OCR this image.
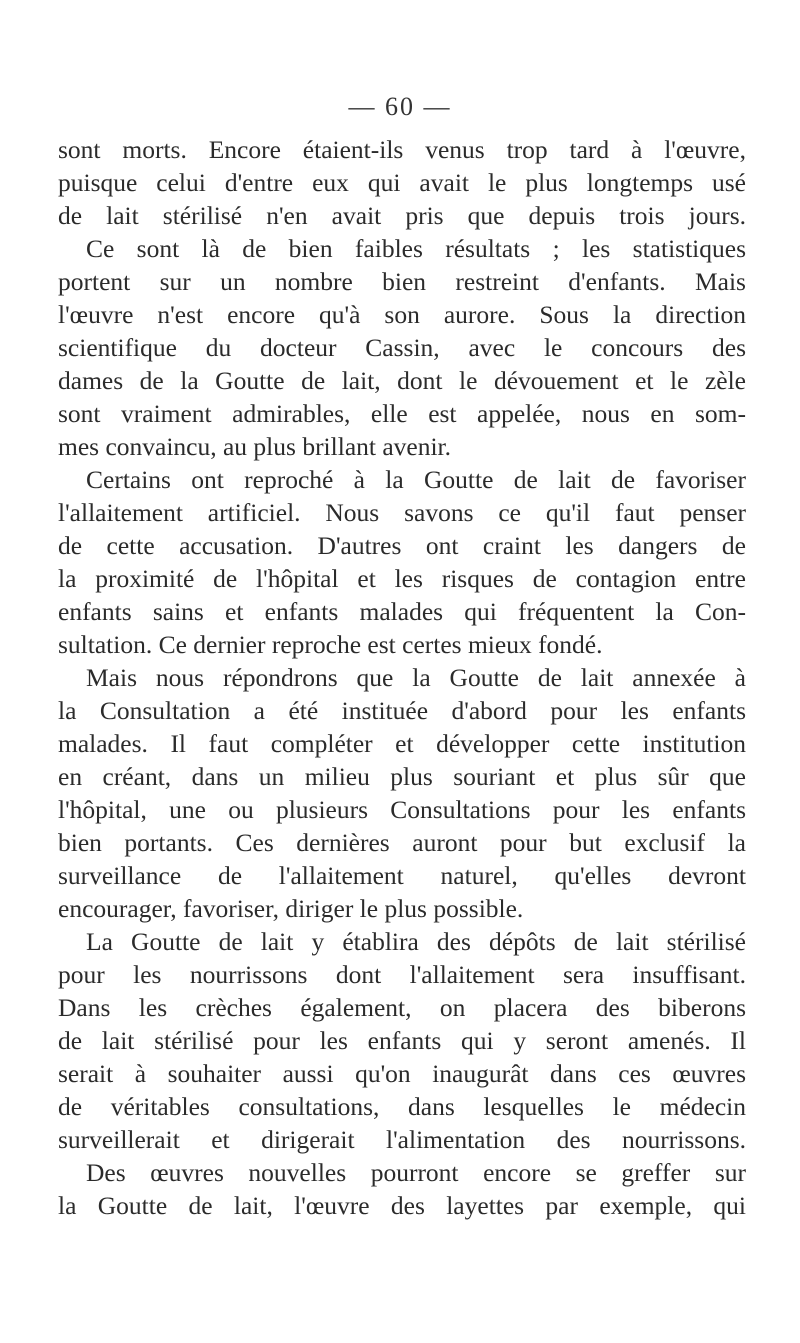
— 60 —
sont morts. Encore étaient-ils venus trop tard à l'œuvre,
puisque celui d'entre eux qui avait le plus longtemps usé
de lait stérilisé n'en avait pris que depuis trois jours.
Ce sont là de bien faibles résultats ; les statistiques
portent sur un nombre bien restreint d'enfants. Mais
l'œuvre n'est encore qu'à son aurore. Sous la direction
scientifique du docteur Cassin, avec le concours des
dames de la Goutte de lait, dont le dévouement et le zèle
sont vraiment admirables, elle est appelée, nous en som-
mes convaincu, au plus brillant avenir.
Certains ont reproché à la Goutte de lait de favoriser
l'allaitement artificiel. Nous savons ce qu'il faut penser
de cette accusation. D'autres ont craint les dangers de
la proximité de l'hôpital et les risques de contagion entre
enfants sains et enfants malades qui fréquentent la Con-
sultation. Ce dernier reproche est certes mieux fondé.
Mais nous répondrons que la Goutte de lait annexée à
la Consultation a été instituée d'abord pour les enfants
malades. Il faut compléter et développer cette institution
en créant, dans un milieu plus souriant et plus sûr que
l'hôpital, une ou plusieurs Consultations pour les enfants
bien portants. Ces dernières auront pour but exclusif la
surveillance de l'allaitement naturel, qu'elles devront
encourager, favoriser, diriger le plus possible.
La Goutte de lait y établira des dépôts de lait stérilisé
pour les nourrissons dont l'allaitement sera insuffisant.
Dans les crèches également, on placera des biberons
de lait stérilisé pour les enfants qui y seront amenés. Il
serait à souhaiter aussi qu'on inaugurât dans ces œuvres
de véritables consultations, dans lesquelles le médecin
surveillerait et dirigerait l'alimentation des nourrissons.
Des œuvres nouvelles pourront encore se greffer sur
la Goutte de lait, l'œuvre des layettes par exemple, qui
